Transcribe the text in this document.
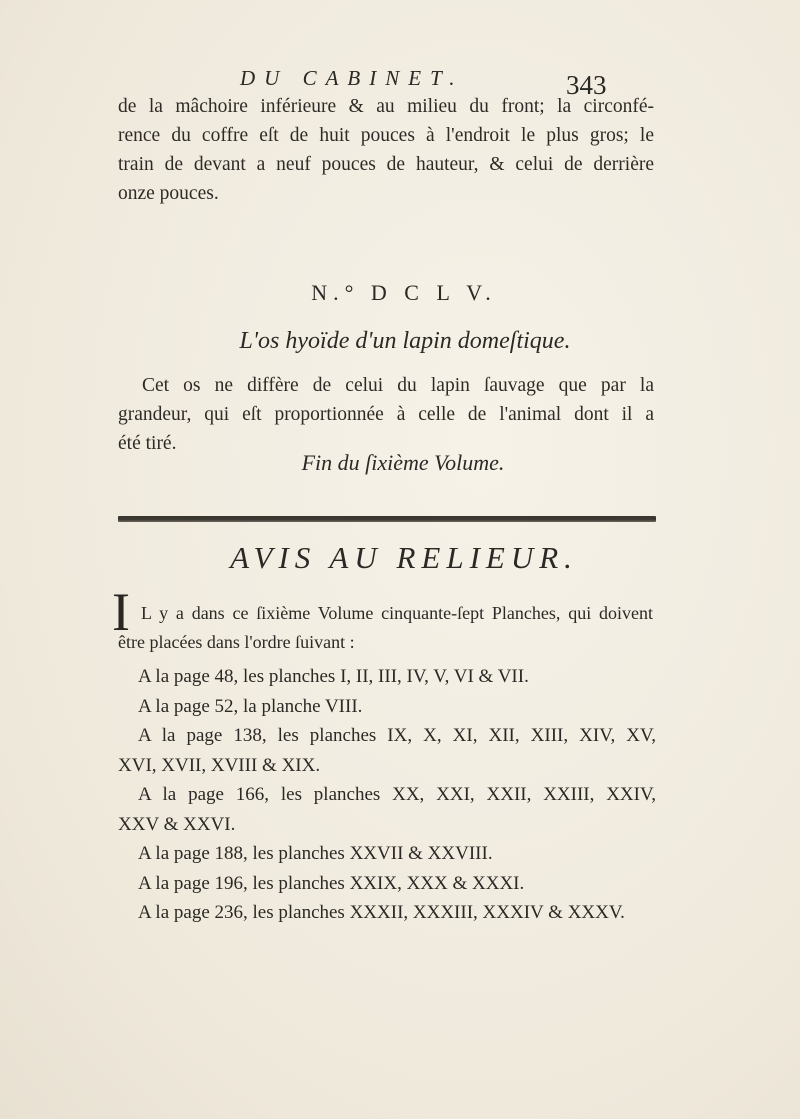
DU CABINET.	343
de la mâchoire inférieure & au milieu du front; la circonfé-
rence du coffre eſt de huit pouces à l'endroit le plus gros; le
train de devant a neuf pouces de hauteur, & celui de derrière
onze pouces.
N.° D C L V.
L'os hyoïde d'un lapin domeſtique.
Cet os ne diffère de celui du lapin ſauvage que par la
grandeur, qui eſt proportionnée à celle de l'animal dont il a
été tiré.
Fin du ſixième Volume.
AVIS AU RELIEUR.
I L y a dans ce ſixième Volume cinquante-ſept Planches, qui doivent
être placées dans l'ordre ſuivant :
A la page 48, les planches I, II, III, IV, V, VI & VII.
A la page 52, la planche VIII.
A la page 138, les planches IX, X, XI, XII, XIII, XIV, XV,
XVI, XVII, XVIII & XIX.
A la page 166, les planches XX, XXI, XXII, XXIII, XXIV,
XXV & XXVI.
A la page 188, les planches XXVII & XXVIII.
A la page 196, les planches XXIX, XXX & XXXI.
A la page 236, les planches XXXII, XXXIII, XXXIV & XXXV.
